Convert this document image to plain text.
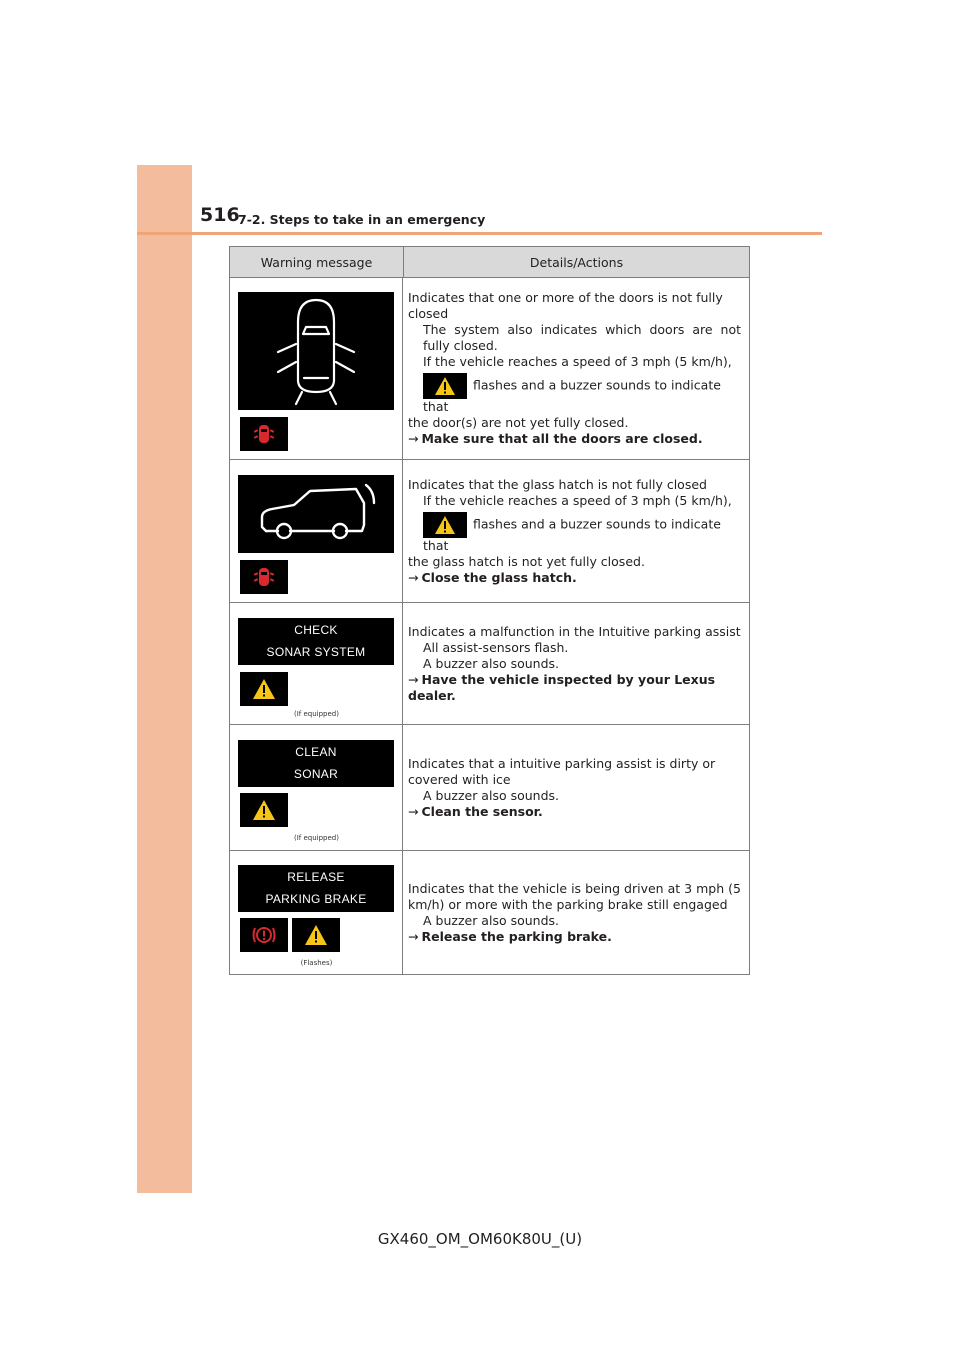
516
7-2. Steps to take in an emergency
Warning message	Details/Actions

Indicates that one or more of the doors is not fully closed

The system also indicates which doors are not fully closed.

If the vehicle reaches a speed of 3 mph (5 km/h),

flashes and a buzzer sounds to indicate that

the door(s) are not yet fully closed.

→ Make sure that all the doors are closed.

Indicates that the glass hatch is not fully closed

If the vehicle reaches a speed of 3 mph (5 km/h),

flashes and a buzzer sounds to indicate that

the glass hatch is not yet fully closed.

→ Close the glass hatch.

CHECK
SONAR SYSTEM
(If equipped)

Indicates a malfunction in the Intuitive parking assist

All assist-sensors flash.

A buzzer also sounds.

→ Have the vehicle inspected by your Lexus dealer.

CLEAN
SONAR
(If equipped)

Indicates that a intuitive parking assist is dirty or covered with ice

A buzzer also sounds.

→ Clean the sensor.

RELEASE
PARKING BRAKE
(Flashes)

Indicates that the vehicle is being driven at 3 mph (5 km/h) or more with the parking brake still engaged

A buzzer also sounds.

→ Release the parking brake.

GX460_OM_OM60K80U_(U)
